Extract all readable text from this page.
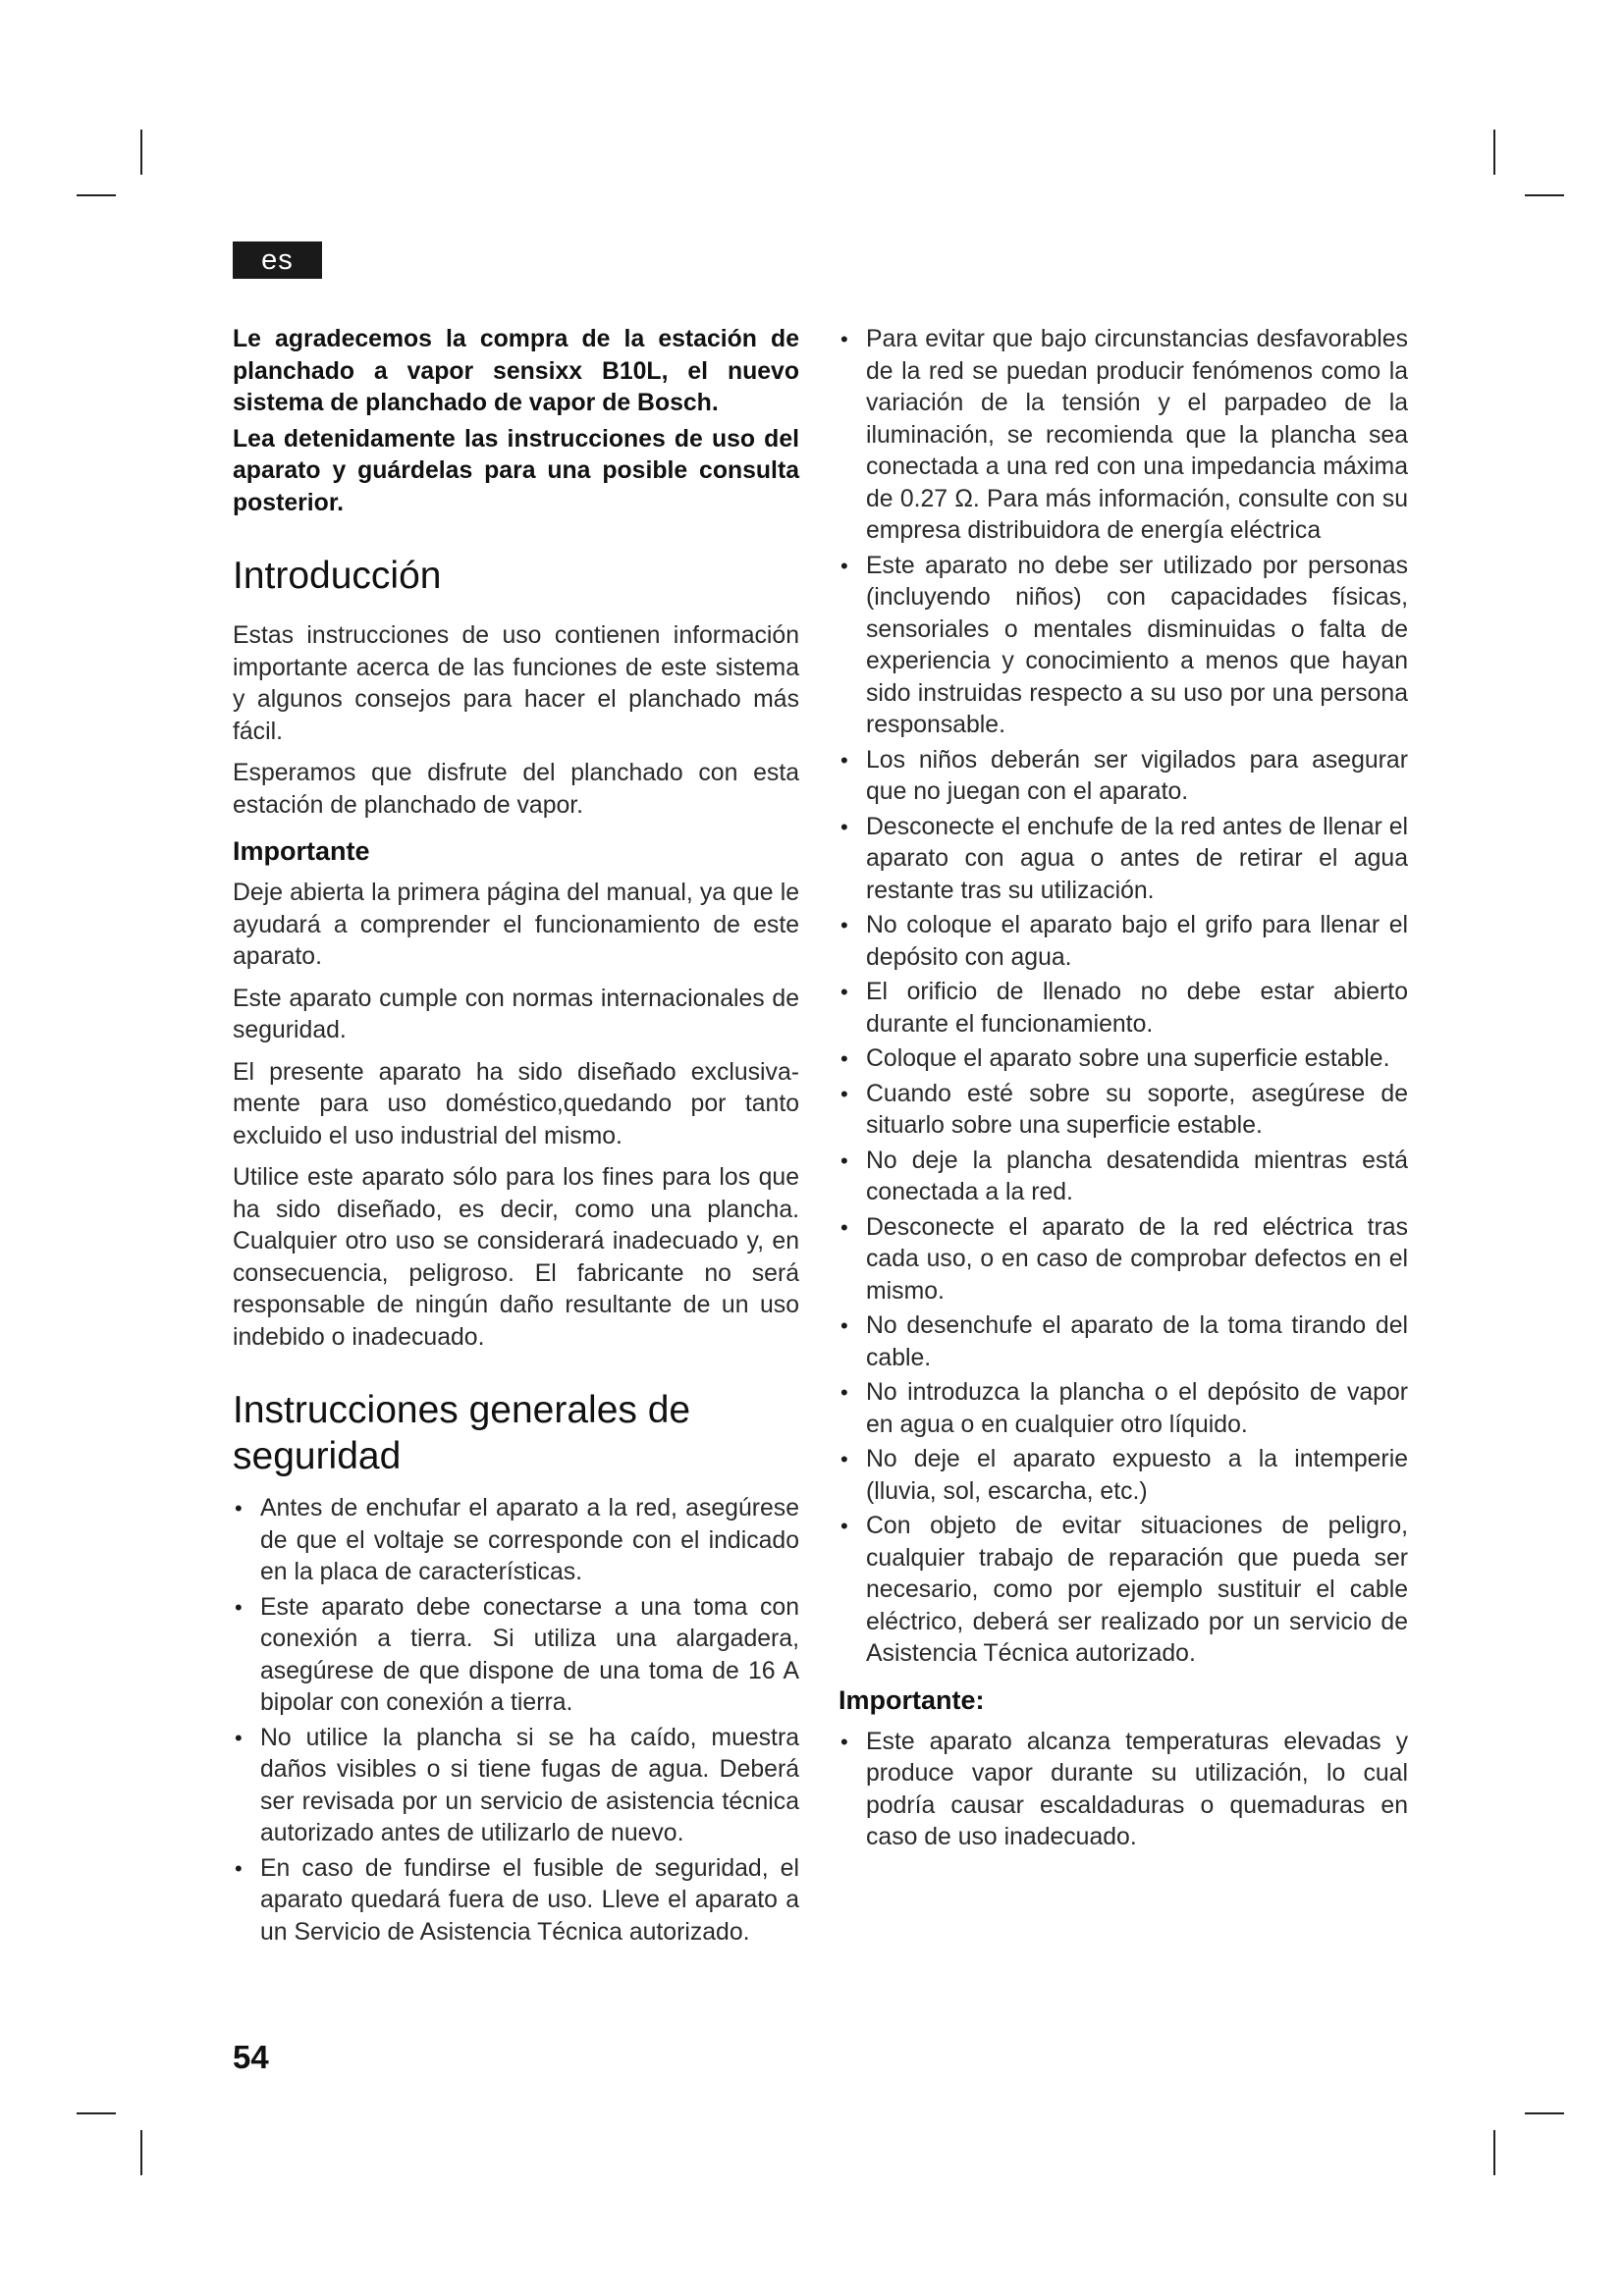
es

Le agradecemos la compra de la estación de planchado a vapor sensixx B10L, el nuevo sistema de planchado de vapor de Bosch.

Lea detenidamente las instrucciones de uso del aparato y guárdelas para una posible consulta posterior.

Introducción

Estas instrucciones de uso contienen información importante acerca de las funciones de este sistema y algunos consejos para hacer el planchado más fácil.

Esperamos que disfrute del planchado con esta estación de planchado de vapor.

Importante

Deje abierta la primera página del manual, ya que le ayudará a comprender el funcionamiento de este aparato.

Este aparato cumple con normas internacionales de seguridad.

El presente aparato ha sido diseñado exclusiva-mente para uso doméstico,quedando por tanto excluido el uso industrial del mismo.

Utilice este aparato sólo para los fines para los que ha sido diseñado, es decir, como una plancha. Cualquier otro uso se considerará inadecuado y, en consecuencia, peligroso. El fabricante no será responsable de ningún daño resultante de un uso indebido o inadecuado.

Instrucciones generales de seguridad
• Antes de enchufar el aparato a la red, asegúrese de que el voltaje se corresponde con el indicado en la placa de características.
• Este aparato debe conectarse a una toma con conexión a tierra. Si utiliza una alargadera, asegúrese de que dispone de una toma de 16 A bipolar con conexión a tierra.
• No utilice la plancha si se ha caído, muestra daños visibles o si tiene fugas de agua. Deberá ser revisada por un servicio de asistencia técnica autorizado antes de utilizarlo de nuevo.
• En caso de fundirse el fusible de seguridad, el aparato quedará fuera de uso. Lleve el aparato a un Servicio de Asistencia Técnica autorizado.
• Para evitar que bajo circunstancias desfavorables de la red se puedan producir fenómenos como la variación de la tensión y el parpadeo de la iluminación, se recomienda que la plancha sea conectada a una red con una impedancia máxima de 0.27 Ω. Para más información, consulte con su empresa distribuidora de energía eléctrica
• Este aparato no debe ser utilizado por personas (incluyendo niños) con capacidades físicas, sensoriales o mentales disminuidas o falta de experiencia y conocimiento a menos que hayan sido instruidas respecto a su uso por una persona responsable.
• Los niños deberán ser vigilados para asegurar que no juegan con el aparato.
• Desconecte el enchufe de la red antes de llenar el aparato con agua o antes de retirar el agua restante tras su utilización.
• No coloque el aparato bajo el grifo para llenar el depósito con agua.
• El orificio de llenado no debe estar abierto durante el funcionamiento.
• Coloque el aparato sobre una superficie estable.
• Cuando esté sobre su soporte, asegúrese de situarlo sobre una superficie estable.
• No deje la plancha desatendida mientras está conectada a la red.
• Desconecte el aparato de la red eléctrica tras cada uso, o en caso de comprobar defectos en el mismo.
• No desenchufe el aparato de la toma tirando del cable.
• No introduzca la plancha o el depósito de vapor en agua o en cualquier otro líquido.
• No deje el aparato expuesto a la intemperie (lluvia, sol, escarcha, etc.)
• Con objeto de evitar situaciones de peligro, cualquier trabajo de reparación que pueda ser necesario, como por ejemplo sustituir el cable eléctrico, deberá ser realizado por un servicio de Asistencia Técnica autorizado.
Importante:
• Este aparato alcanza temperaturas elevadas y produce vapor durante su utilización, lo cual podría causar escaldaduras o quemaduras en caso de uso inadecuado.
54
